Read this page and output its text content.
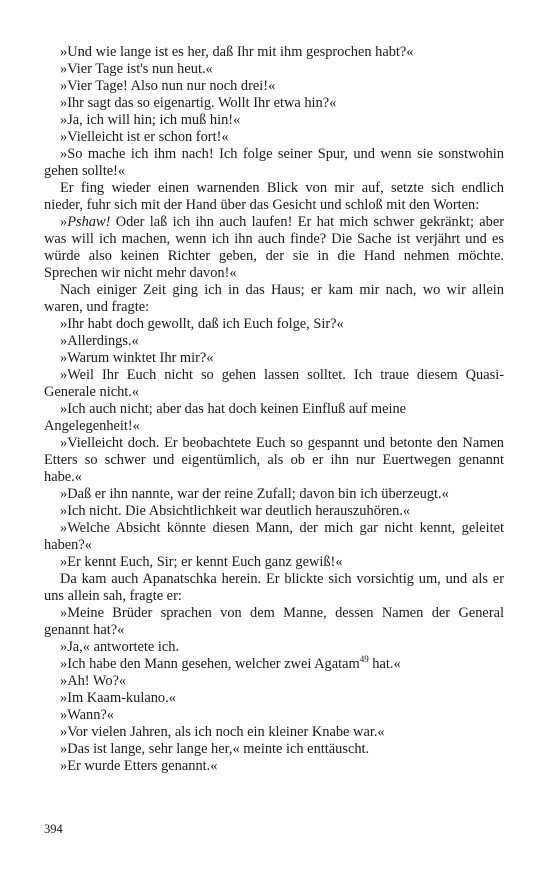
»Und wie lange ist es her, daß Ihr mit ihm gesprochen habt?«

»Vier Tage ist's nun heut.«

»Vier Tage! Also nun nur noch drei!«

»Ihr sagt das so eigenartig. Wollt Ihr etwa hin?«

»Ja, ich will hin; ich muß hin!«

»Vielleicht ist er schon fort!«

»So mache ich ihm nach! Ich folge seiner Spur, und wenn sie sonstwohin gehen sollte!«

Er fing wieder einen warnenden Blick von mir auf, setzte sich endlich nieder, fuhr sich mit der Hand über das Gesicht und schloß mit den Worten:

»Pshaw! Oder laß ich ihn auch laufen! Er hat mich schwer gekränkt; aber was will ich machen, wenn ich ihn auch finde? Die Sache ist verjährt und es würde also keinen Richter geben, der sie in die Hand nehmen möchte. Sprechen wir nicht mehr davon!«

Nach einiger Zeit ging ich in das Haus; er kam mir nach, wo wir allein waren, und fragte:

»Ihr habt doch gewollt, daß ich Euch folge, Sir?«

»Allerdings.«

»Warum winktet Ihr mir?«

»Weil Ihr Euch nicht so gehen lassen solltet. Ich traue diesem Quasi-Generale nicht.«

»Ich auch nicht; aber das hat doch keinen Einfluß auf meine Angelegenheit!«

»Vielleicht doch. Er beobachtete Euch so gespannt und betonte den Namen Etters so schwer und eigentümlich, als ob er ihn nur Euertwegen genannt habe.«

»Daß er ihn nannte, war der reine Zufall; davon bin ich überzeugt.«

»Ich nicht. Die Absichtlichkeit war deutlich herauszuhören.«

»Welche Absicht könnte diesen Mann, der mich gar nicht kennt, geleitet haben?«

»Er kennt Euch, Sir; er kennt Euch ganz gewiß!«

Da kam auch Apanatschka herein. Er blickte sich vorsichtig um, und als er uns allein sah, fragte er:

»Meine Brüder sprachen von dem Manne, dessen Namen der General genannt hat?«

»Ja,« antwortete ich.

»Ich habe den Mann gesehen, welcher zwei Agatam$^{49}$ hat.«

»Ah! Wo?«

»Im Kaam-kulano.«

»Wann?«

»Vor vielen Jahren, als ich noch ein kleiner Knabe war.«

»Das ist lange, sehr lange her,« meinte ich enttäuscht.

»Er wurde Etters genannt.«

394
